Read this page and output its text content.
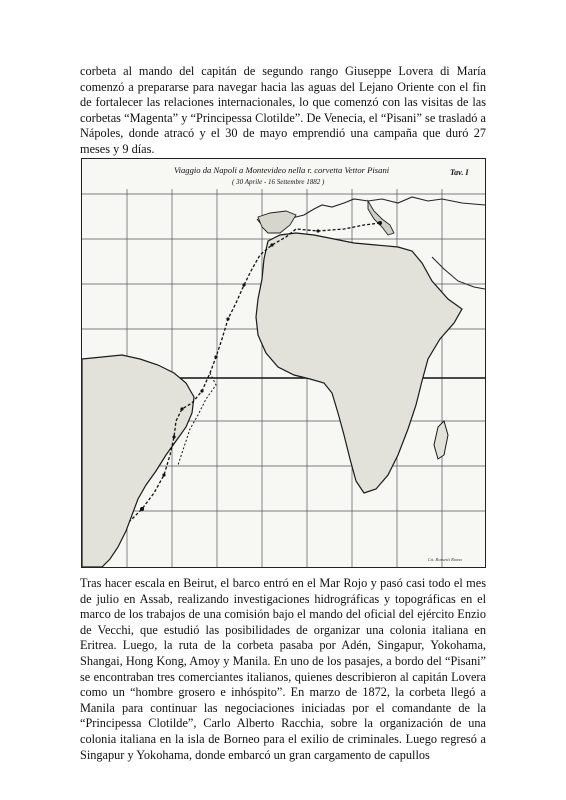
corbeta al mando del capitán de segundo rango Giuseppe Lovera di María comenzó a prepararse para navegar hacia las aguas del Lejano Oriente con el fin de fortalecer las relaciones internacionales, lo que comenzó con las visitas de las corbetas “Magenta” y “Principessa Clotilde”. De Venecia, el “Pisani” se trasladó a Nápoles, donde atracó y el 30 de mayo emprendió una campaña que duró 27 meses y 9 días.

Viaggio da Napoli a Montevideo nella r. corvetta Vettor Pisani
( 30 Aprile - 16 Settembre 1882 )
Tav. I
Lit. Rossetti Roma

Tras hacer escala en Beirut, el barco entró en el Mar Rojo y pasó casi todo el mes de julio en Assab, realizando investigaciones hidrográficas y topográficas en el marco de los trabajos de una comisión bajo el mando del oficial del ejército Enzio de Vecchi, que estudió las posibilidades de organizar una colonia italiana en Eritrea. Luego, la ruta de la corbeta pasaba por Adén, Singapur, Yokohama, Shangai, Hong Kong, Amoy y Manila. En uno de los pasajes, a bordo del “Pisani” se encontraban tres comerciantes italianos, quienes describieron al capitán Lovera como un “hombre grosero e inhóspito”. En marzo de 1872, la corbeta llegó a Manila para continuar las negociaciones iniciadas por el comandante de la “Principessa Clotilde”, Carlo Alberto Racchia, sobre la organización de una colonia italiana en la isla de Borneo para el exilio de criminales. Luego regresó a Singapur y Yokohama, donde embarcó un gran cargamento de capullos
